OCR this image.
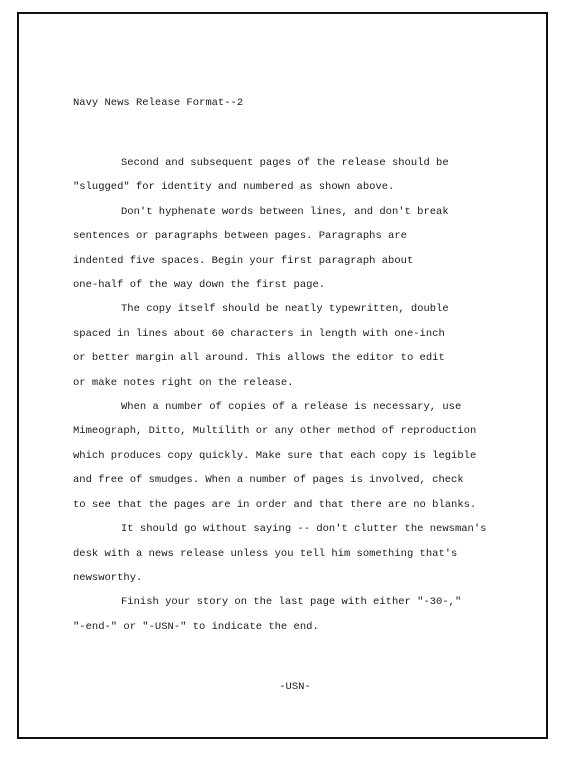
Navy News Release Format--2

Second and subsequent pages of the release should be

"slugged" for identity and numbered as shown above.

Don't hyphenate words between lines, and don't break

sentences or paragraphs between pages. Paragraphs are

indented five spaces. Begin your first paragraph about

one-half of the way down the first page.

The copy itself should be neatly typewritten, double

spaced in lines about 60 characters in length with one-inch

or better margin all around. This allows the editor to edit

or make notes right on the release.

When a number of copies of a release is necessary, use

Mimeograph, Ditto, Multilith or any other method of reproduction

which produces copy quickly. Make sure that each copy is legible

and free of smudges. When a number of pages is involved, check

to see that the pages are in order and that there are no blanks.

It should go without saying -- don't clutter the newsman's

desk with a news release unless you tell him something that's

newsworthy.

Finish your story on the last page with either "-30-,"

"-end-" or "-USN-" to indicate the end.

-USN-
